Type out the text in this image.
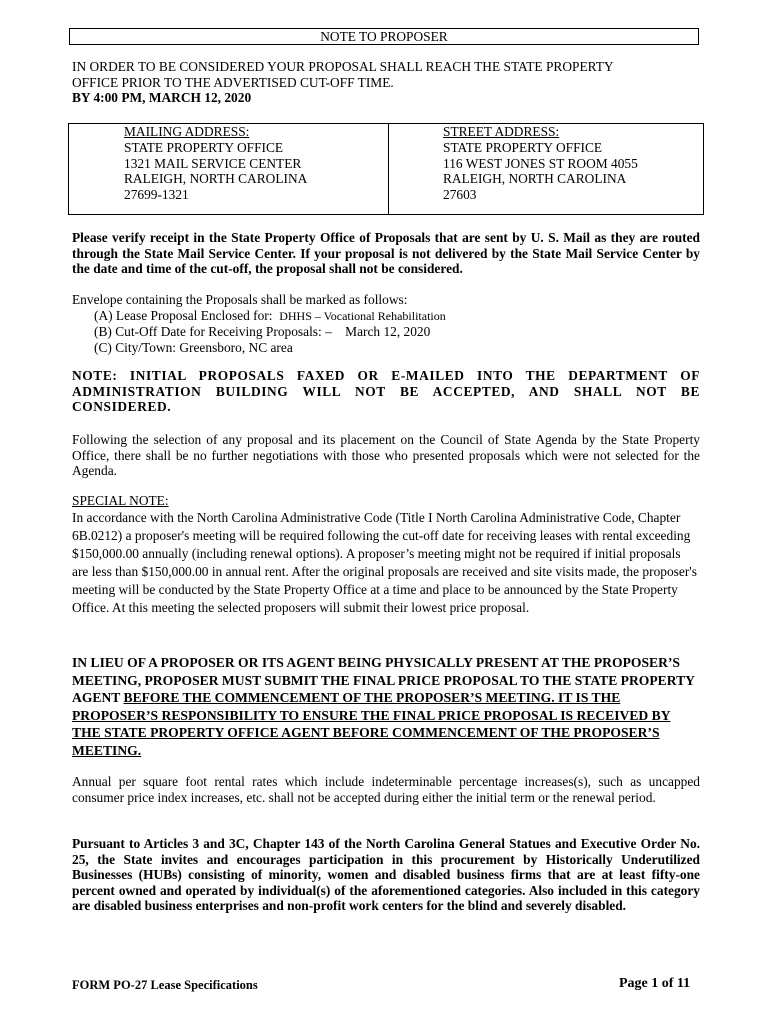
NOTE TO PROPOSER

IN ORDER TO BE CONSIDERED YOUR PROPOSAL SHALL REACH THE STATE PROPERTY

OFFICE PRIOR TO THE ADVERTISED CUT-OFF TIME.

BY 4:00 PM, MARCH 12, 2020

MAILING ADDRESS:
STATE PROPERTY OFFICE
1321 MAIL SERVICE CENTER
RALEIGH, NORTH CAROLINA
27699-1321
STREET ADDRESS:
STATE PROPERTY OFFICE
116 WEST JONES ST ROOM 4055
RALEIGH, NORTH CAROLINA
27603

Please verify receipt in the State Property Office of Proposals that are sent by U. S. Mail as they are routed through the State Mail Service Center. If your proposal is not delivered by the State Mail Service Center by the date and time of the cut-off, the proposal shall not be considered.

Envelope containing the Proposals shall be marked as follows:

(A) Lease Proposal Enclosed for: DHHS – Vocational Rehabilitation

(B) Cut-Off Date for Receiving Proposals: – March 12, 2020

(C) City/Town: Greensboro, NC area

NOTE: INITIAL PROPOSALS FAXED OR E-MAILED INTO THE DEPARTMENT OF ADMINISTRATION BUILDING WILL NOT BE ACCEPTED, AND SHALL NOT BE CONSIDERED.

Following the selection of any proposal and its placement on the Council of State Agenda by the State Property Office, there shall be no further negotiations with those who presented proposals which were not selected for the Agenda.

SPECIAL NOTE:

In accordance with the North Carolina Administrative Code (Title I North Carolina Administrative Code, Chapter 6B.0212) a proposer's meeting will be required following the cut-off date for receiving leases with rental exceeding $150,000.00 annually (including renewal options). A proposer’s meeting might not be required if initial proposals are less than $150,000.00 in annual rent. After the original proposals are received and site visits made, the proposer's meeting will be conducted by the State Property Office at a time and place to be announced by the State Property Office. At this meeting the selected proposers will submit their lowest price proposal.

IN LIEU OF A PROPOSER OR ITS AGENT BEING PHYSICALLY PRESENT AT THE PROPOSER’S MEETING, PROPOSER MUST SUBMIT THE FINAL PRICE PROPOSAL TO THE STATE PROPERTY AGENT BEFORE THE COMMENCEMENT OF THE PROPOSER’S MEETING. IT IS THE PROPOSER’S RESPONSIBILITY TO ENSURE THE FINAL PRICE PROPOSAL IS RECEIVED BY THE STATE PROPERTY OFFICE AGENT BEFORE COMMENCEMENT OF THE PROPOSER’S MEETING.

Annual per square foot rental rates which include indeterminable percentage increases(s), such as uncapped consumer price index increases, etc. shall not be accepted during either the initial term or the renewal period.

Pursuant to Articles 3 and 3C, Chapter 143 of the North Carolina General Statues and Executive Order No. 25, the State invites and encourages participation in this procurement by Historically Underutilized Businesses (HUBs) consisting of minority, women and disabled business firms that are at least fifty-one percent owned and operated by individual(s) of the aforementioned categories. Also included in this category are disabled business enterprises and non-profit work centers for the blind and severely disabled.

FORM PO-27 Lease Specifications	Page 1 of 11
